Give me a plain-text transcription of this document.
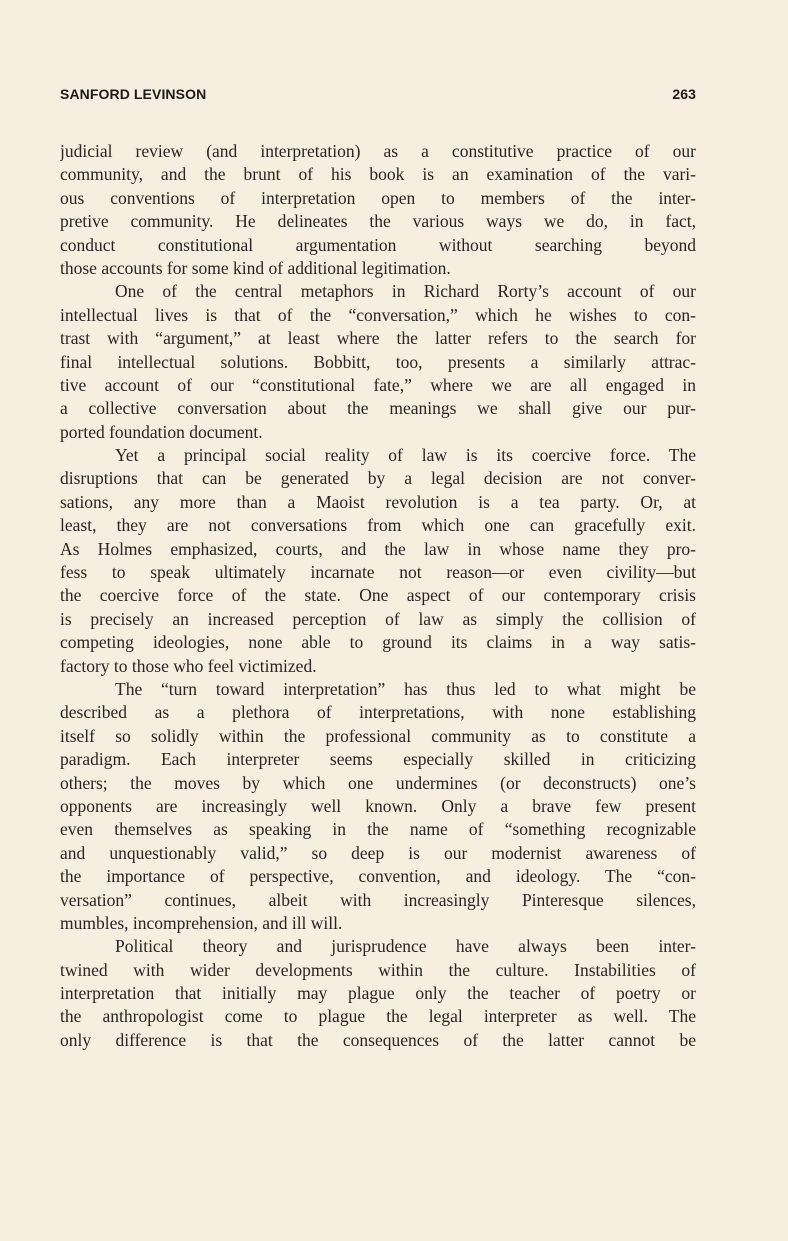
SANFORD LEVINSON	263
judicial review (and interpretation) as a constitutive practice of our
community, and the brunt of his book is an examination of the vari-
ous conventions of interpretation open to members of the inter-
pretive community. He delineates the various ways we do, in fact,
conduct constitutional argumentation without searching beyond
those accounts for some kind of additional legitimation.
One of the central metaphors in Richard Rorty’s account of our
intellectual lives is that of the “conversation,” which he wishes to con-
trast with “argument,” at least where the latter refers to the search for
final intellectual solutions. Bobbitt, too, presents a similarly attrac-
tive account of our “constitutional fate,” where we are all engaged in
a collective conversation about the meanings we shall give our pur-
ported foundation document.
Yet a principal social reality of law is its coercive force. The
disruptions that can be generated by a legal decision are not conver-
sations, any more than a Maoist revolution is a tea party. Or, at
least, they are not conversations from which one can gracefully exit.
As Holmes emphasized, courts, and the law in whose name they pro-
fess to speak ultimately incarnate not reason—or even civility—but
the coercive force of the state. One aspect of our contemporary crisis
is precisely an increased perception of law as simply the collision of
competing ideologies, none able to ground its claims in a way satis-
factory to those who feel victimized.
The “turn toward interpretation” has thus led to what might be
described as a plethora of interpretations, with none establishing
itself so solidly within the professional community as to constitute a
paradigm. Each interpreter seems especially skilled in criticizing
others; the moves by which one undermines (or deconstructs) one’s
opponents are increasingly well known. Only a brave few present
even themselves as speaking in the name of “something recognizable
and unquestionably valid,” so deep is our modernist awareness of
the importance of perspective, convention, and ideology. The “con-
versation” continues, albeit with increasingly Pinteresque silences,
mumbles, incomprehension, and ill will.
Political theory and jurisprudence have always been inter-
twined with wider developments within the culture. Instabilities of
interpretation that initially may plague only the teacher of poetry or
the anthropologist come to plague the legal interpreter as well. The
only difference is that the consequences of the latter cannot be
